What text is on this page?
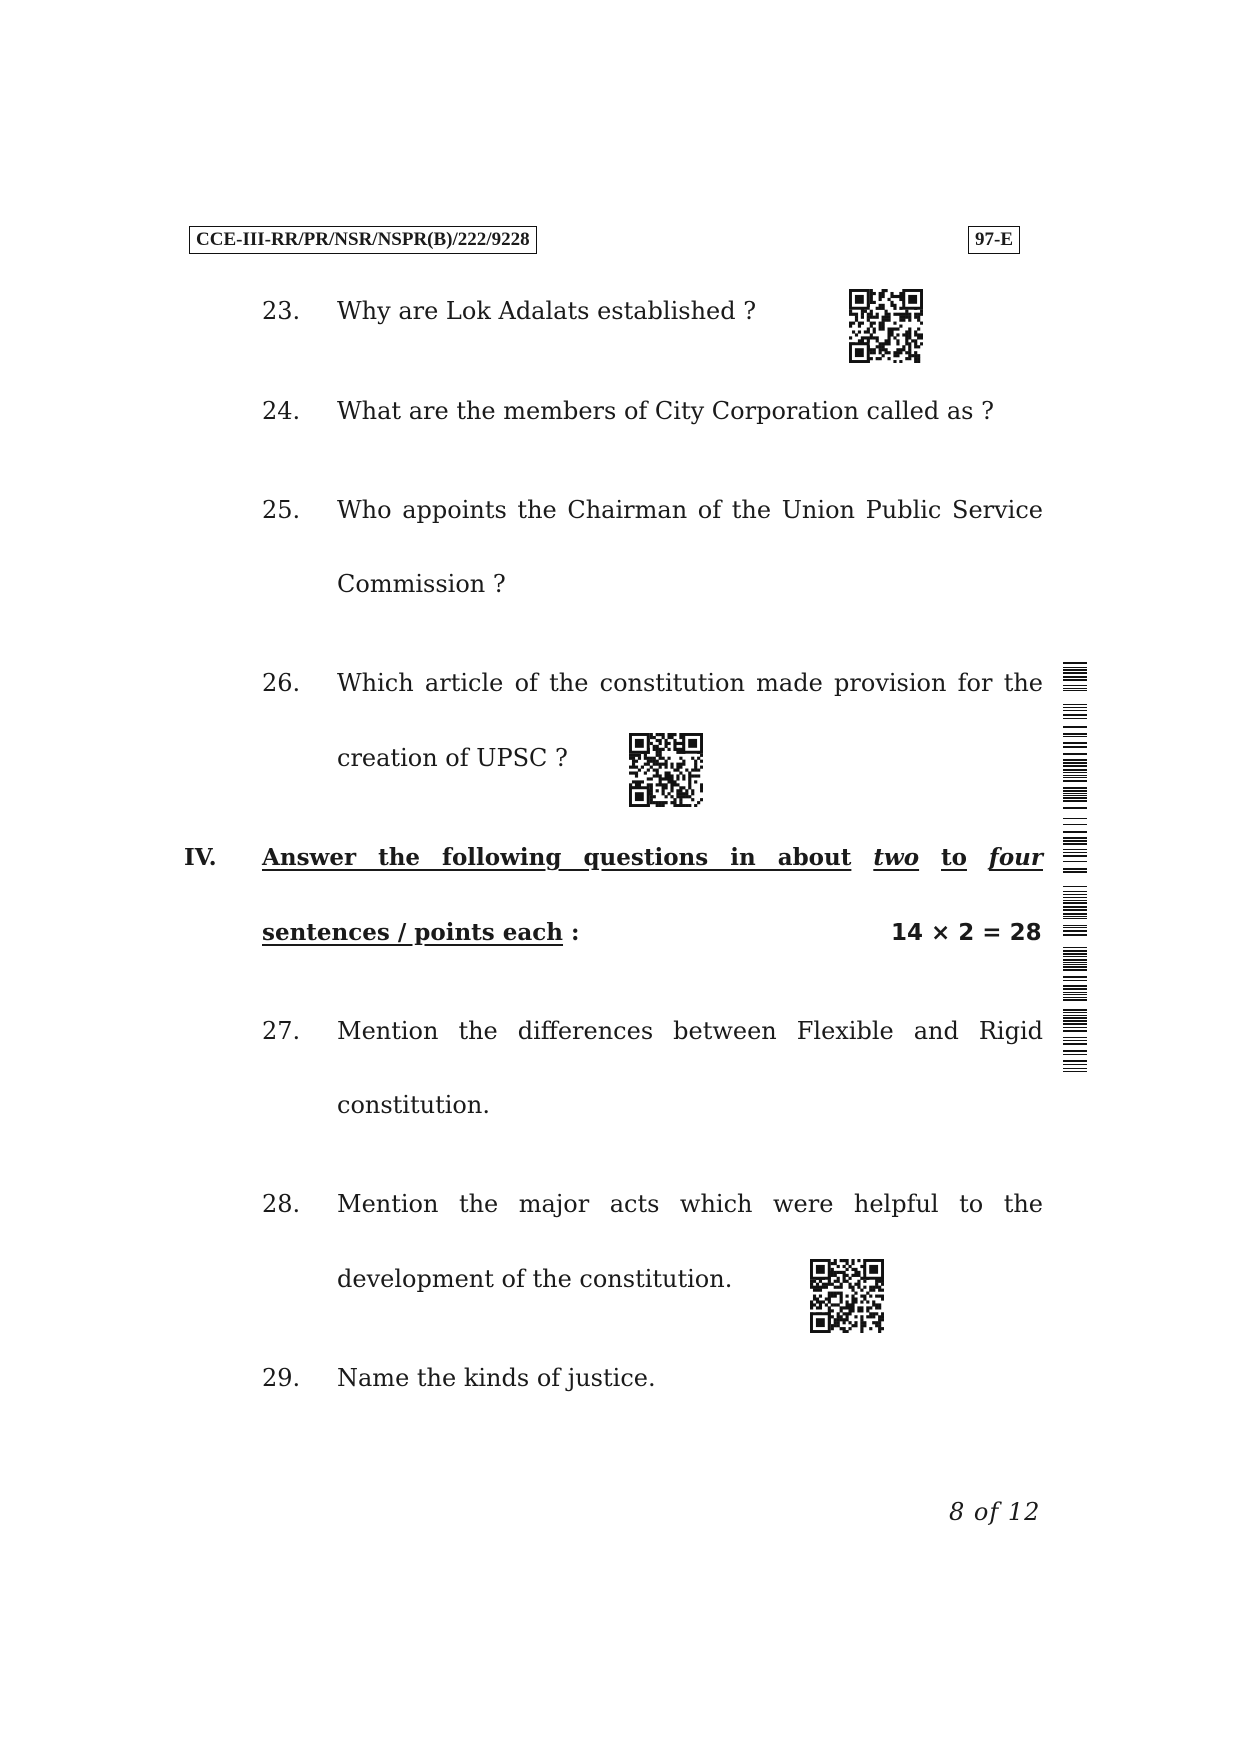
CCE-III-RR/PR/NSR/NSPR(B)/222/9228	97-E
23. Why are Lok Adalats established ?
24. What are the members of City Corporation called as ?
25. Who appoints the Chairman of the Union Public Service
Commission ?
26. Which article of the constitution made provision for the
creation of UPSC ?
IV. Answer the following questions in about two to four
sentences / points each :	14 × 2 = 28
27. Mention the differences between Flexible and Rigid
constitution.
28. Mention the major acts which were helpful to the
development of the constitution.
29. Name the kinds of justice.
8 of 12
